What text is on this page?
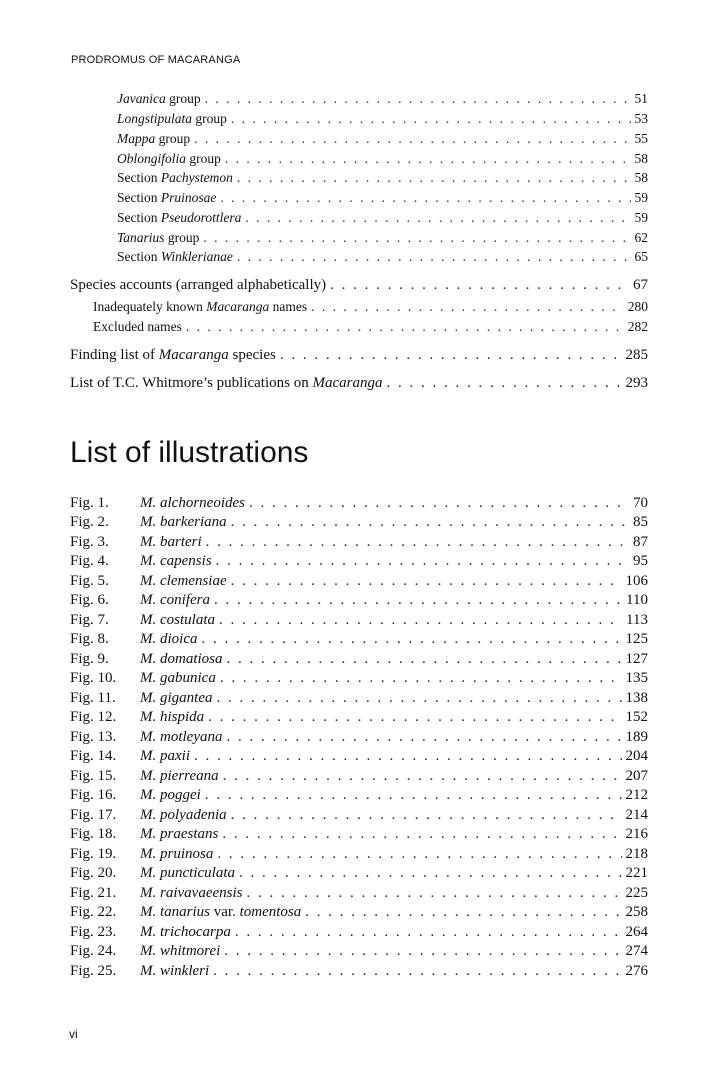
PRODROMUS OF MACARANGA
Javanica group . . .	51
Longstipulata group . . .	53
Mappa group . . .	55
Oblongifolia group . . .	58
Section Pachystemon . . .	58
Section Pruinosae . . .	59
Section Pseudorottlera . . .	59
Tanarius group . . .	62
Section Winklerianae . . .	65
Species accounts (arranged alphabetically) . . .	67
Inadequately known Macaranga names . . .	280
Excluded names . . .	282
Finding list of Macaranga species . . .	285
List of T.C. Whitmore’s publications on Macaranga . . .	293
List of illustrations
Fig. 1. M. alchorneoides . . .	70
Fig. 2. M. barkeriana . . .	85
Fig. 3. M. barteri . . .	87
Fig. 4. M. capensis . . .	95
Fig. 5. M. clemensiae . . .	106
Fig. 6. M. conifera . . .	110
Fig. 7. M. costulata . . .	113
Fig. 8. M. dioica . . .	125
Fig. 9. M. domatiosa . . .	127
Fig. 10. M. gabunica . . .	135
Fig. 11. M. gigantea . . .	138
Fig. 12. M. hispida . . .	152
Fig. 13. M. motleyana . . .	189
Fig. 14. M. paxii . . .	204
Fig. 15. M. pierreana . . .	207
Fig. 16. M. poggei . . .	212
Fig. 17. M. polyadenia . . .	214
Fig. 18. M. praestans . . .	216
Fig. 19. M. pruinosa . . .	218
Fig. 20. M. puncticulata . . .	221
Fig. 21. M. raivavaeensis . . .	225
Fig. 22. M. tanarius var. tomentosa . . .	258
Fig. 23. M. trichocarpa . . .	264
Fig. 24. M. whitmorei . . .	274
Fig. 25. M. winkleri . . .	276
vi
